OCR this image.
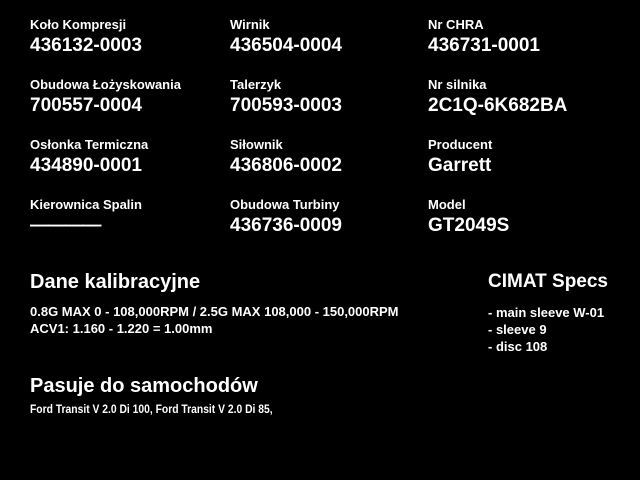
Koło Kompresji
436132-0003
Wirnik
436504-0004
Nr CHRA
436731-0001
Obudowa Łożyskowania
700557-0004
Talerzyk
700593-0003
Nr silnika
2C1Q-6K682BA
Osłonka Termiczna
434890-0001
Siłownik
436806-0002
Producent
Garrett
Kierownica Spalin
————
Obudowa Turbiny
436736-0009
Model
GT2049S
Dane kalibracyjne
0.8G MAX 0 - 108,000RPM / 2.5G MAX 108,000 - 150,000RPM
ACV1: 1.160 - 1.220 = 1.00mm
CIMAT Specs
- main sleeve W-01
- sleeve 9
- disc 108
Pasuje do samochodów
Ford Transit V 2.0 Di 100, Ford Transit V 2.0 Di 85,
